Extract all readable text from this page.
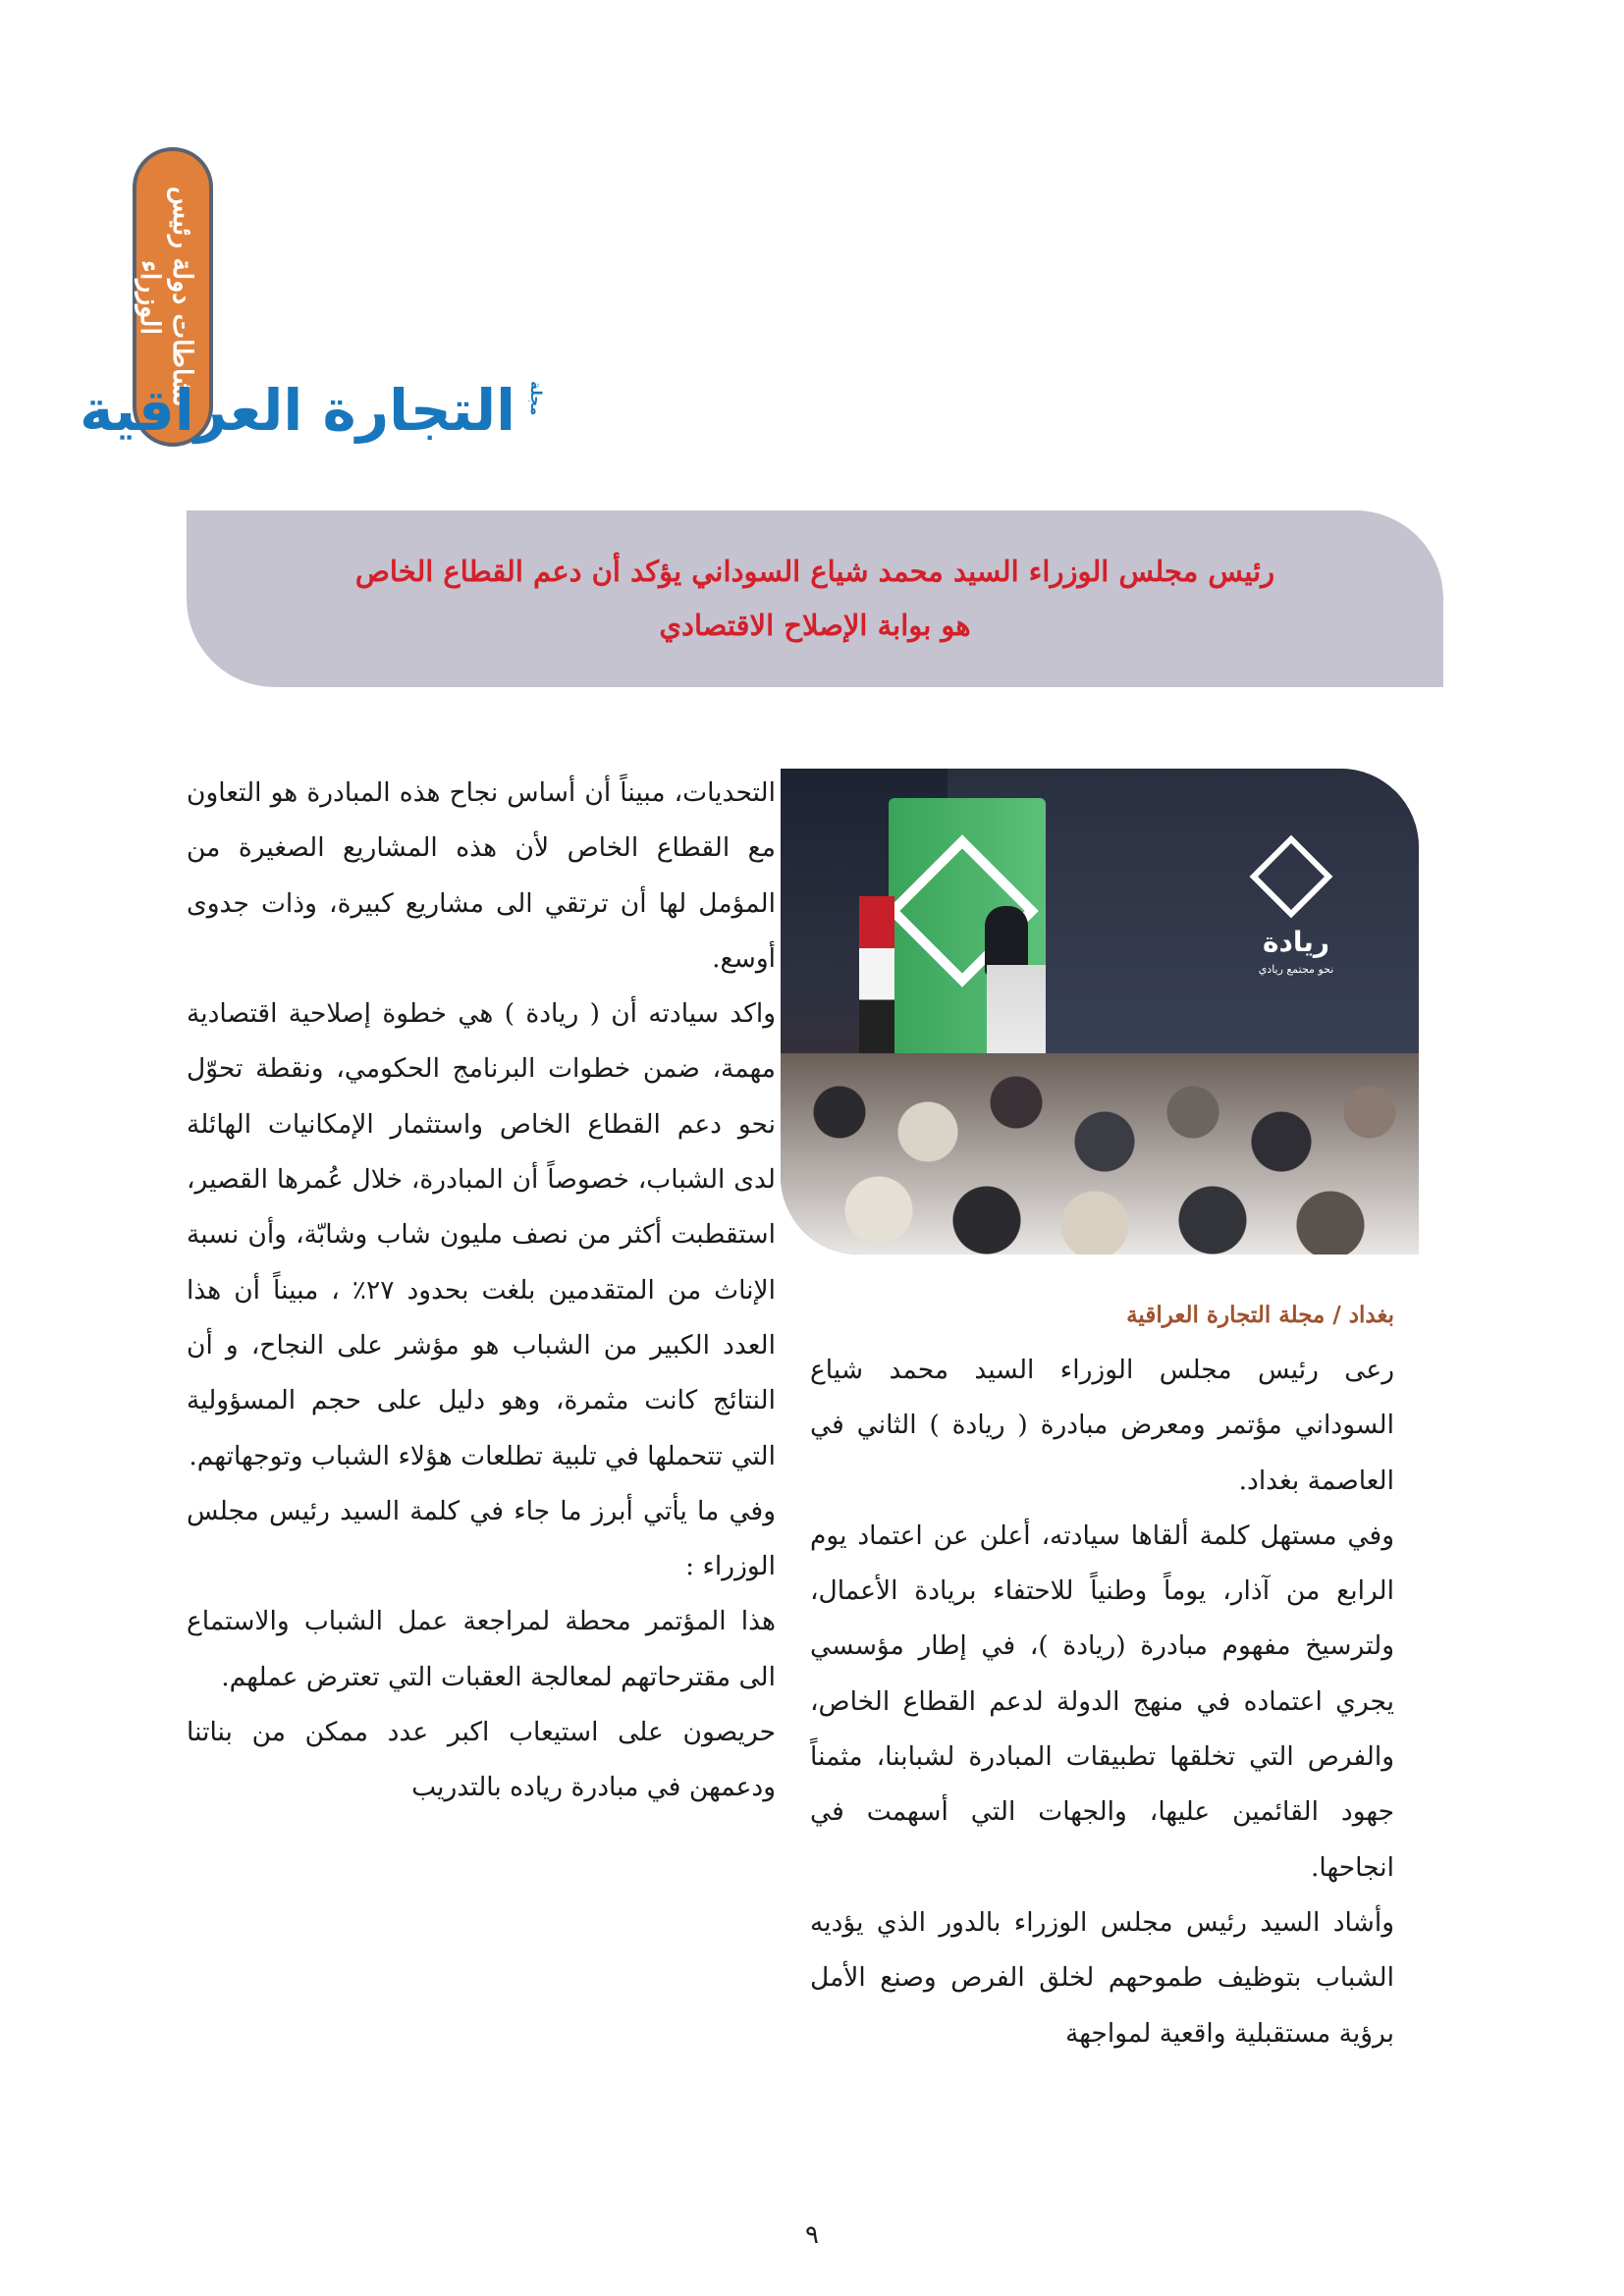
نشاطات دولة رئيس الوزراء
التجارة العراقية مجلة
رئيس مجلس الوزراء السيد محمد شياع السوداني يؤكد أن دعم القطاع الخاص
هو بوابة الإصلاح الاقتصادي
ريادة
نحو مجتمع ريادي

التحديات، مبيناً أن أساس نجاح هذه المبادرة هو التعاون مع القطاع الخاص لأن هذه المشاريع الصغيرة من المؤمل لها أن ترتقي الى مشاريع كبيرة، وذات جدوى أوسع.

واكد سيادته أن ( ريادة ) هي خطوة إصلاحية اقتصادية مهمة، ضمن خطوات البرنامج الحكومي، ونقطة تحوّل نحو دعم القطاع الخاص واستثمار الإمكانيات الهائلة لدى الشباب، خصوصاً أن المبادرة، خلال عُمرها القصير، استقطبت أكثر من نصف مليون شاب وشابّة، وأن نسبة الإناث من المتقدمين بلغت بحدود ٢٧٪ ، مبيناً أن هذا العدد الكبير من الشباب هو مؤشر على النجاح، و أن النتائج كانت مثمرة، وهو دليل على حجم المسؤولية التي تتحملها في تلبية تطلعات هؤلاء الشباب وتوجهاتهم.

وفي ما يأتي أبرز ما جاء في كلمة السيد رئيس مجلس الوزراء :

هذا المؤتمر محطة لمراجعة عمل الشباب والاستماع الى مقترحاتهم لمعالجة العقبات التي تعترض عملهم.

حريصون على استيعاب اكبر عدد ممكن من بناتنا ودعمهن في مبادرة رياده بالتدريب

بغداد / مجلة التجارة العراقية

رعى رئيس مجلس الوزراء السيد محمد شياع السوداني مؤتمر ومعرض مبادرة ( ريادة ) الثاني في العاصمة بغداد.

وفي مستهل كلمة ألقاها سيادته، أعلن عن اعتماد يوم الرابع من آذار، يوماً وطنياً للاحتفاء بريادة الأعمال، ولترسيخ مفهوم مبادرة (ريادة )، في إطار مؤسسي يجري اعتماده في منهج الدولة لدعم القطاع الخاص، والفرص التي تخلقها تطبيقات المبادرة لشبابنا، مثمناً جهود القائمين عليها، والجهات التي أسهمت في انجاحها.

وأشاد السيد رئيس مجلس الوزراء بالدور الذي يؤديه الشباب بتوظيف طموحهم لخلق الفرص وصنع الأمل برؤية مستقبلية واقعية لمواجهة

٩
